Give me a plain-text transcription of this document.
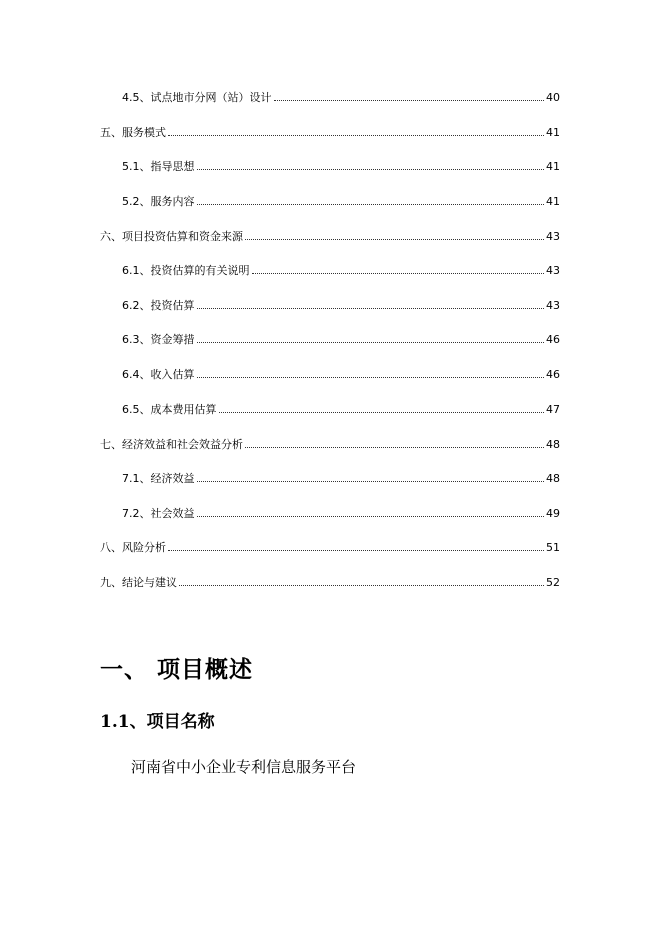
4.5、试点地市分网（站）设计	40
五、服务模式	41
5.1、指导思想	41
5.2、服务内容	41
六、项目投资估算和资金来源	43
6.1、投资估算的有关说明	43
6.2、投资估算	43
6.3、资金筹措	46
6.4、收入估算	46
6.5、成本费用估算	47
七、经济效益和社会效益分析	48
7.1、经济效益	48
7.2、社会效益	49
八、风险分析	51
九、结论与建议	52
一、 项目概述
1.1、项目名称
河南省中小企业专利信息服务平台
